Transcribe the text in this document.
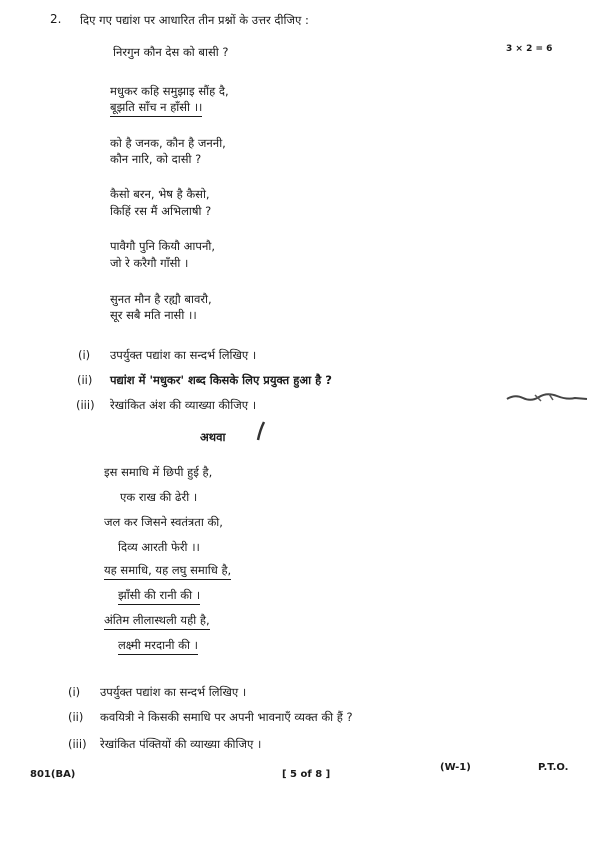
2. दिए गए पद्यांश पर आधारित तीन प्रश्नों के उत्तर दीजिए :
3 × 2 = 6
निरगुन कौन देस को बासी ?
मधुकर कहि समुझाइ सौंह दै,
बूझति साँच न हाँसी ।।
को है जनक, कौन है जननी,
कौन नारि, को दासी ?
कैसो बरन, भेष है कैसो,
किहिं रस मैं अभिलाषी ?
पावैगौ पुनि कियौ आपनौ,
जो रे करैगौ गाँसी ।
सुनत मौन है रह्यौ बावरौ,
सूर सबै मति नासी ।।
(i) उपर्युक्त पद्यांश का सन्दर्भ लिखिए ।
(ii) पद्यांश में 'मधुकर' शब्द किसके लिए प्रयुक्त हुआ है ?
(iii) रेखांकित अंश की व्याख्या कीजिए ।
अथवा
इस समाधि में छिपी हुई है,
एक राख की ढेरी ।
जल कर जिसने स्वतंत्रता की,
दिव्य आरती फेरी ।।
यह समाधि, यह लघु समाधि है,
झाँसी की रानी की ।
अंतिम लीलास्थली यही है,
लक्ष्मी मरदानी की ।
(i) उपर्युक्त पद्यांश का सन्दर्भ लिखिए ।
(ii) कवयित्री ने किसकी समाधि पर अपनी भावनाएँ व्यक्त की हैं ?
(iii) रेखांकित पंक्तियों की व्याख्या कीजिए ।
801(BA)	[ 5 of 8 ]
(W-1)	P.T.O.
